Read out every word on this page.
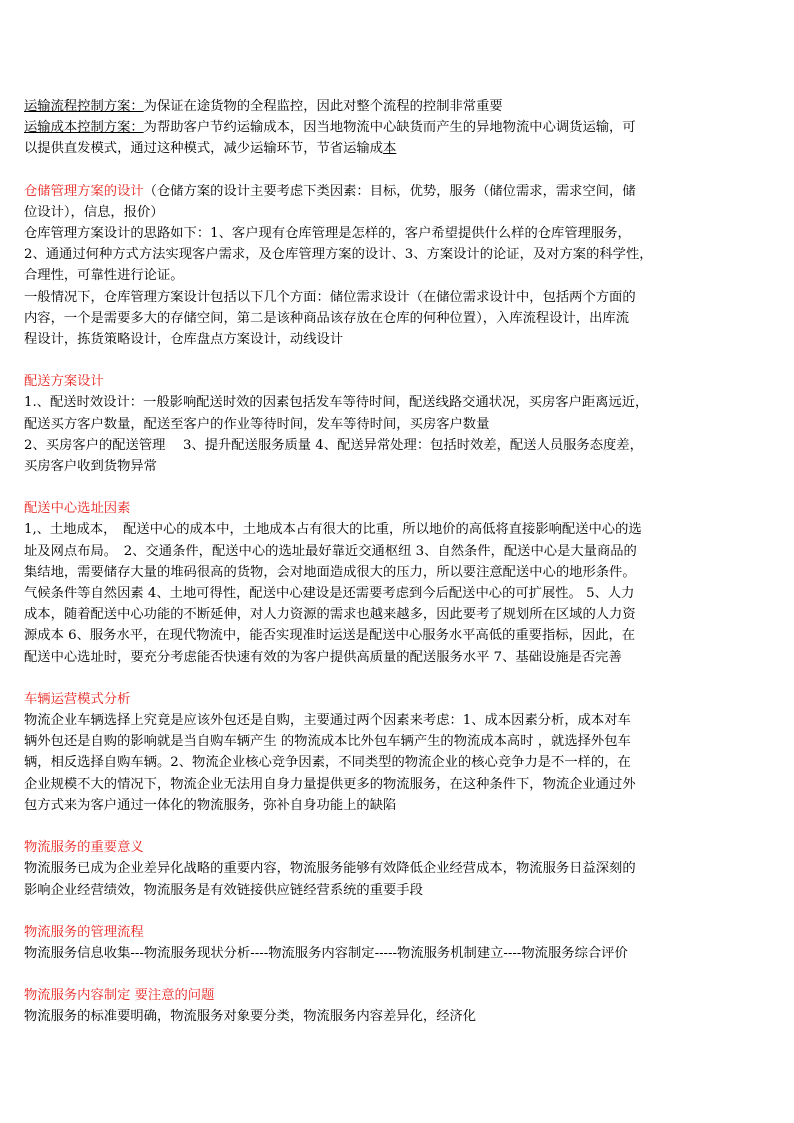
运输流程控制方案：为保证在途货物的全程监控，因此对整个流程的控制非常重要
运输成本控制方案：为帮助客户节约运输成本，因当地物流中心缺货而产生的异地物流中心调货运输，可
以提供直发模式，通过这种模式，减少运输环节，节省运输成本
仓储管理方案的设计（仓储方案的设计主要考虑下类因素：目标，优势，服务（储位需求，需求空间，储
位设计），信息，报价）
仓库管理方案设计的思路如下：1、客户现有仓库管理是怎样的，客户希望提供什么样的仓库管理服务，
2、通通过何种方式方法实现客户需求，及仓库管理方案的设计、3、方案设计的论证，及对方案的科学性，
合理性，可靠性进行论证。
一般情况下，仓库管理方案设计包括以下几个方面：储位需求设计（在储位需求设计中，包括两个方面的
内容，一个是需要多大的存储空间，第二是该种商品该存放在仓库的何种位置），入库流程设计，出库流
程设计，拣货策略设计，仓库盘点方案设计，动线设计
配送方案设计
1.、配送时效设计：一般影响配送时效的因素包括发车等待时间，配送线路交通状况，买房客户距离远近，
配送买方客户数量，配送至客户的作业等待时间，发车等待时间，买房客户数量
2、买房客户的配送管理　 3、提升配送服务质量 4、配送异常处理：包括时效差，配送人员服务态度差，
买房客户收到货物异常
配送中心选址因素
1,、土地成本，　配送中心的成本中，土地成本占有很大的比重，所以地价的高低将直接影响配送中心的选
址及网点布局。　2、交通条件，配送中心的选址最好靠近交通枢纽 3、自然条件，配送中心是大量商品的
集结地，需要储存大量的堆码很高的货物，会对地面造成很大的压力，所以要注意配送中心的地形条件。
气候条件等自然因素 4、土地可得性，配送中心建设是还需要考虑到今后配送中心的可扩展性。 5、人力
成本，随着配送中心功能的不断延伸，对人力资源的需求也越来越多，因此要考了规划所在区域的人力资
源成本 6、服务水平，在现代物流中，能否实现准时运送是配送中心服务水平高低的重要指标，因此，在
配送中心选址时，要充分考虑能否快速有效的为客户提供高质量的配送服务水平 7、基础设施是否完善
车辆运营模式分析
物流企业车辆选择上究竟是应该外包还是自购，主要通过两个因素来考虑：1、成本因素分析，成本对车
辆外包还是自购的影响就是当自购车辆产生 的物流成本比外包车辆产生的物流成本高时 ，就选择外包车
辆，相反选择自购车辆。2、物流企业核心竞争因素，不同类型的物流企业的核心竞争力是不一样的，在
企业规模不大的情况下，物流企业无法用自身力量提供更多的物流服务，在这种条件下，物流企业通过外
包方式来为客户通过一体化的物流服务，弥补自身功能上的缺陷
物流服务的重要意义
物流服务已成为企业差异化战略的重要内容，物流服务能够有效降低企业经营成本，物流服务日益深刻的
影响企业经营绩效，物流服务是有效链接供应链经营系统的重要手段
物流服务的管理流程
物流服务信息收集---物流服务现状分析----物流服务内容制定-----物流服务机制建立----物流服务综合评价
物流服务内容制定 要注意的问题
物流服务的标准要明确，物流服务对象要分类，物流服务内容差异化，经济化
